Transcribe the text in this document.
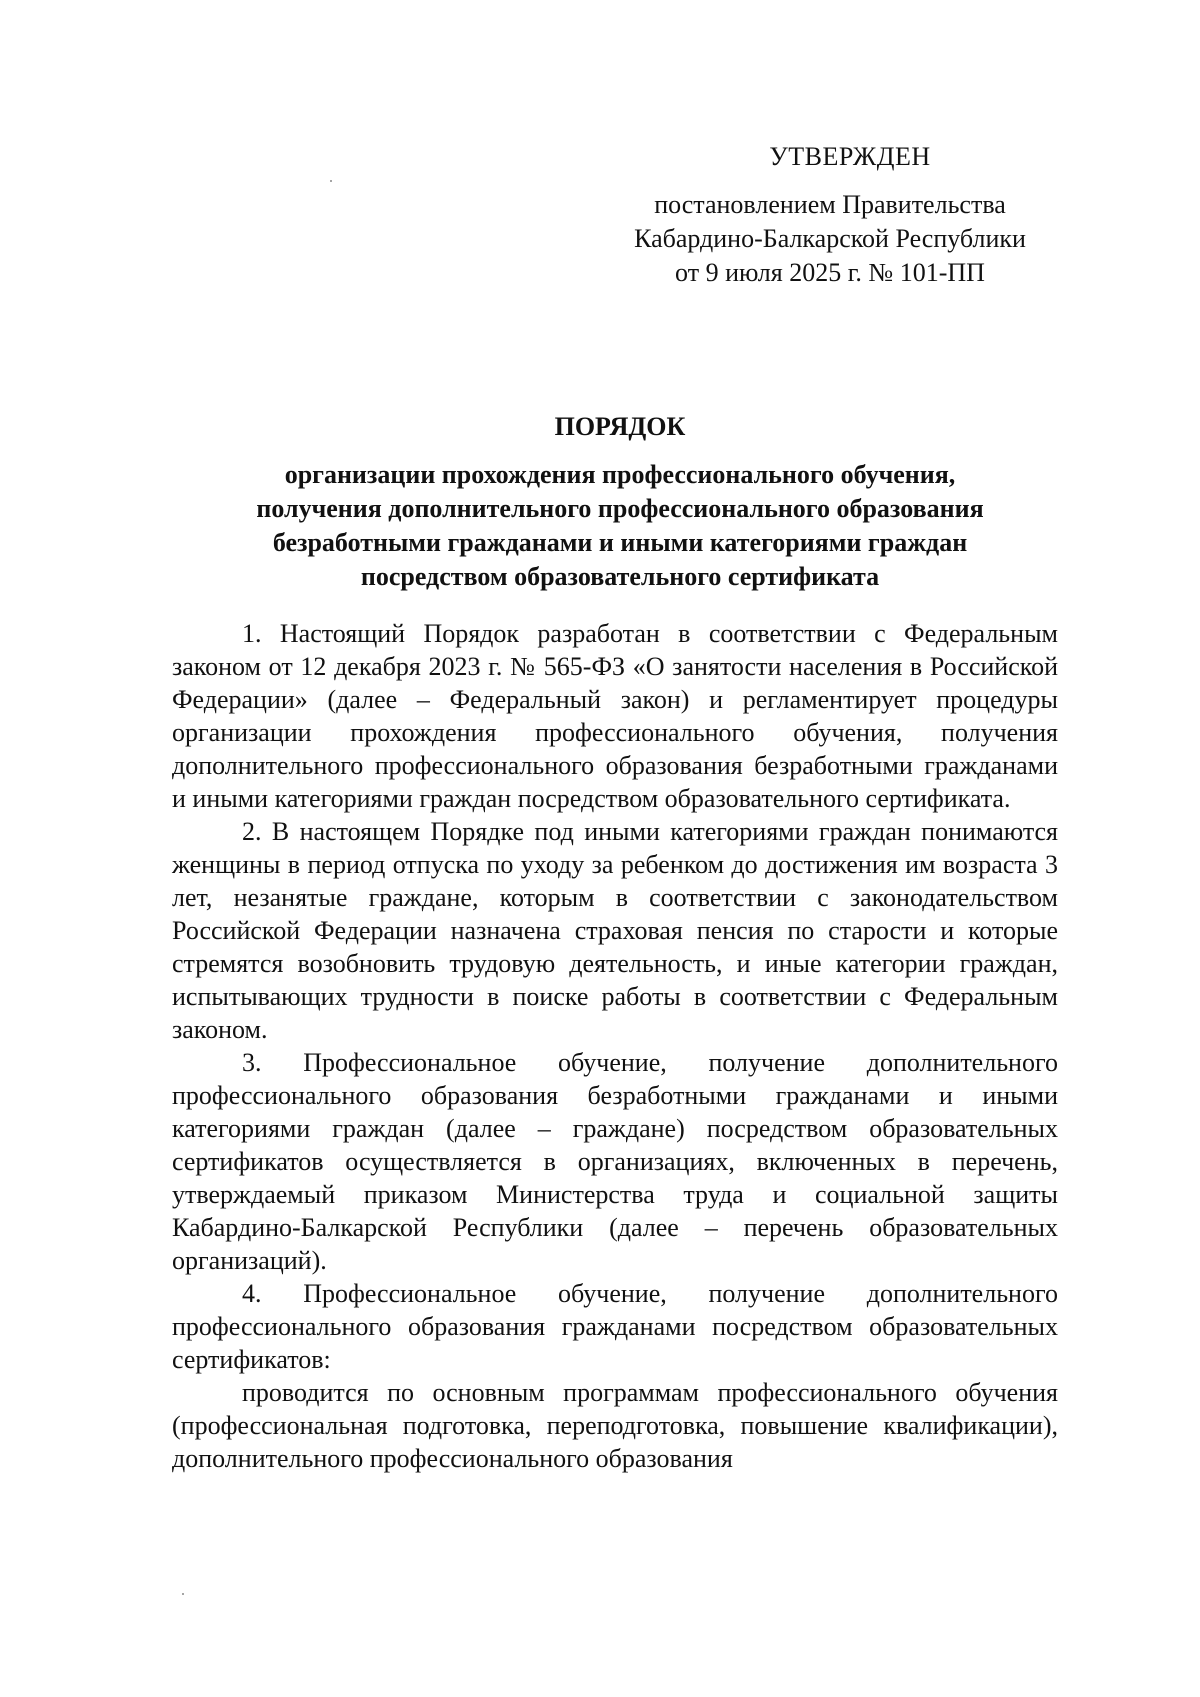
УТВЕРЖДЕН
постановлением Правительства
Кабардино-Балкарской Республики
от 9 июля 2025 г. № 101-ПП
ПОРЯДОК
организации прохождения профессионального обучения,
получения дополнительного профессионального образования
безработными гражданами и иными категориями граждан
посредством образовательного сертификата

1. Настоящий Порядок разработан в соответствии с Федеральным законом от 12 декабря 2023 г. № 565-ФЗ «О занятости населения в Российской Федерации» (далее – Федеральный закон) и регламентирует процедуры организации прохождения профессионального обучения, получения дополнительного профессионального образования безработными гражданами и иными категориями граждан посредством образовательного сертификата.

2. В настоящем Порядке под иными категориями граждан понимаются женщины в период отпуска по уходу за ребенком до достижения им возраста 3 лет, незанятые граждане, которым в соответствии с законодательством Российской Федерации назначена страховая пенсия по старости и которые стремятся возобновить трудовую деятельность, и иные категории граждан, испытывающих трудности в поиске работы в соответствии с Федеральным законом.

3. Профессиональное обучение, получение дополнительного профессионального образования безработными гражданами и иными категориями граждан (далее – граждане) посредством образовательных сертификатов осуществляется в организациях, включенных в перечень, утверждаемый приказом Министерства труда и социальной защиты Кабардино-Балкарской Республики (далее – перечень образовательных организаций).

4. Профессиональное обучение, получение дополнительного профессионального образования гражданами посредством образовательных сертификатов:

проводится по основным программам профессионального обучения (профессиональная подготовка, переподготовка, повышение квалификации), дополнительного профессионального образования
